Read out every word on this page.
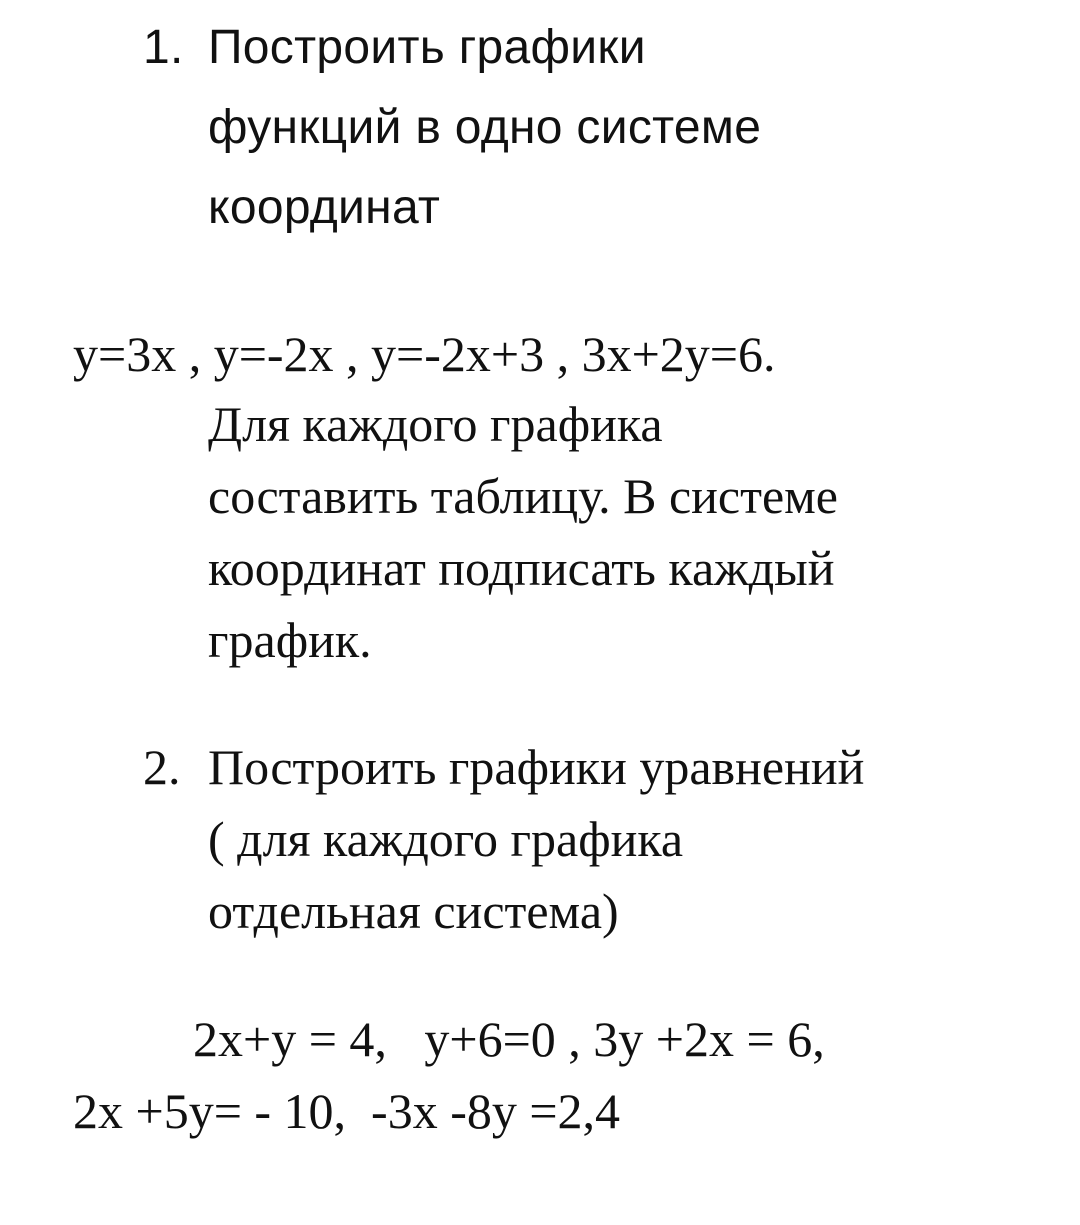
1. Построить графики
функций в одно системе
координат
y=3x , y=-2x , y=-2x+3 , 3x+2y=6.
Для каждого графика
составить таблицу. В системе
координат подписать каждый
график.
2. Построить графики уравнений
( для каждого графика
отдельная система)
2x+y = 4,   y+6=0 , 3y +2x = 6,
2x +5y= - 10,  -3x -8y =2,4
